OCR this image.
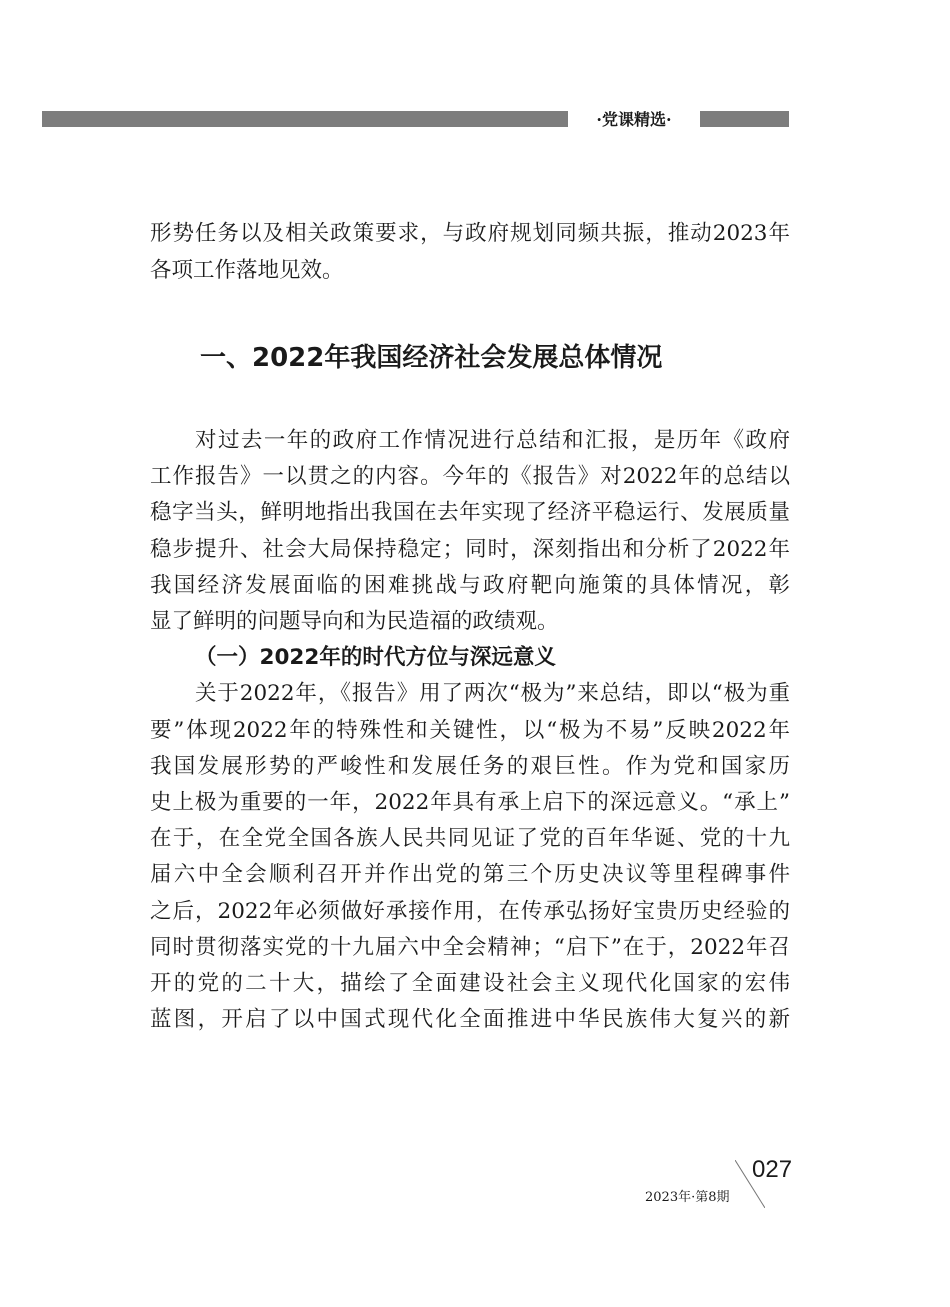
·党课精选·
形势任务以及相关政策要求，与政府规划同频共振，推动2023年
各项工作落地见效。
对过去一年的政府工作情况进行总结和汇报，是历年《政府
工作报告》一以贯之的内容。今年的《报告》对2022年的总结以
稳字当头，鲜明地指出我国在去年实现了经济平稳运行、发展质量
稳步提升、社会大局保持稳定；同时，深刻指出和分析了2022年
我国经济发展面临的困难挑战与政府靶向施策的具体情况，彰
显了鲜明的问题导向和为民造福的政绩观。
（一）2022年的时代方位与深远意义
关于2022年，《报告》用了两次“极为”来总结，即以“极为重
要”体现2022年的特殊性和关键性，以“极为不易”反映2022年
我国发展形势的严峻性和发展任务的艰巨性。作为党和国家历
史上极为重要的一年，2022年具有承上启下的深远意义。“承上”
在于，在全党全国各族人民共同见证了党的百年华诞、党的十九
届六中全会顺利召开并作出党的第三个历史决议等里程碑事件
之后，2022年必须做好承接作用，在传承弘扬好宝贵历史经验的
同时贯彻落实党的十九届六中全会精神；“启下”在于，2022年召
开的党的二十大，描绘了全面建设社会主义现代化国家的宏伟
蓝图，开启了以中国式现代化全面推进中华民族伟大复兴的新
一、2022年我国经济社会发展总体情况
027
2023年·第8期
